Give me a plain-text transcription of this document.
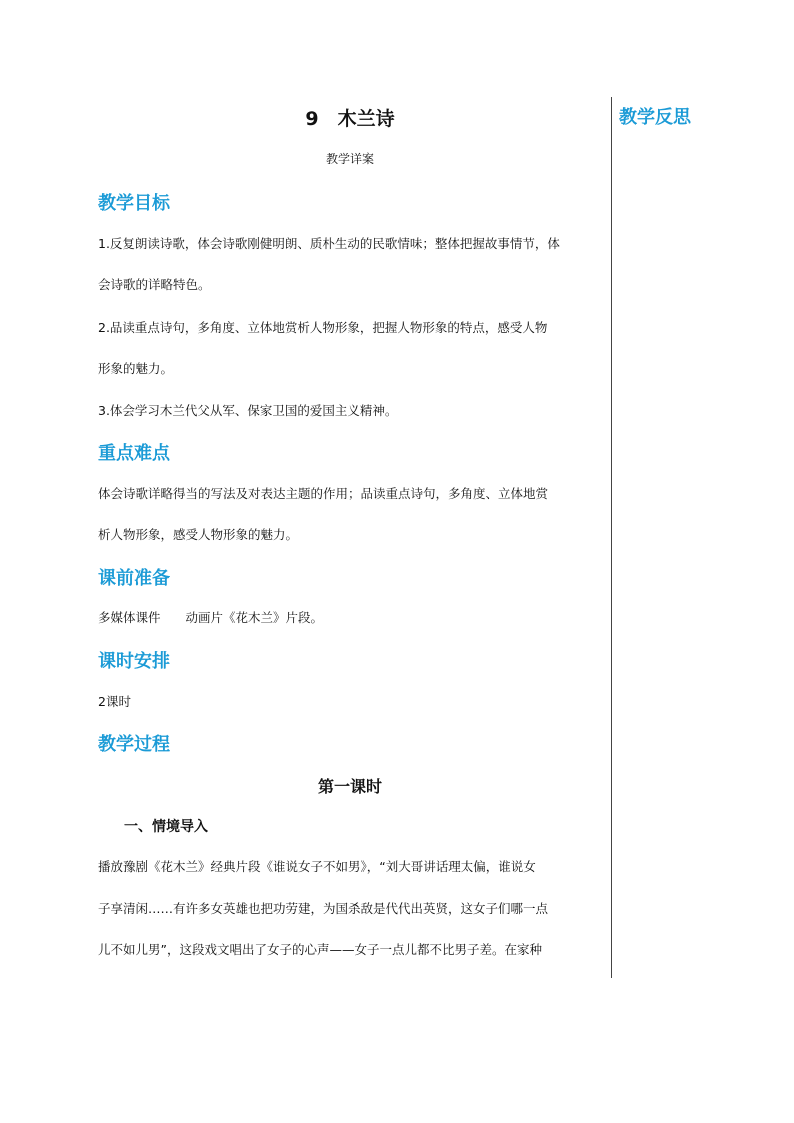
教学反思
9　木兰诗
教学详案
教学目标
1.反复朗读诗歌，体会诗歌刚健明朗、质朴生动的民歌情味；整体把握故事情节，体
会诗歌的详略特色。
2.品读重点诗句，多角度、立体地赏析人物形象，把握人物形象的特点，感受人物
形象的魅力。
3.体会学习木兰代父从军、保家卫国的爱国主义精神。
重点难点
体会诗歌详略得当的写法及对表达主题的作用；品读重点诗句，多角度、立体地赏
析人物形象，感受人物形象的魅力。
课前准备
多媒体课件　　动画片《花木兰》片段。
课时安排
2课时
教学过程
第一课时
一、情境导入
播放豫剧《花木兰》经典片段《谁说女子不如男》，“刘大哥讲话理太偏，谁说女
子享清闲……有许多女英雄也把功劳建，为国杀敌是代代出英贤，这女子们哪一点
儿不如儿男”，这段戏文唱出了女子的心声——女子一点儿都不比男子差。在家种
